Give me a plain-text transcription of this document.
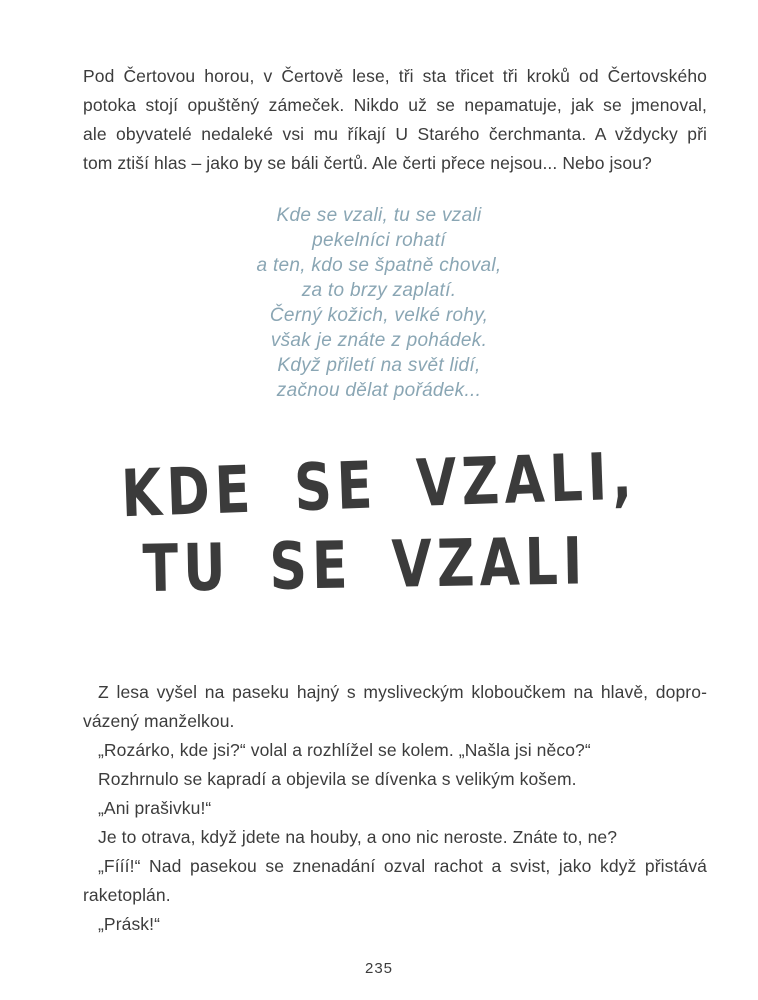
Pod Čertovou horou, v Čertově lese, tři sta třicet tři kroků od Čertovského
potoka stojí opuštěný zámeček. Nikdo už se nepamatuje, jak se jmenoval,
ale obyvatelé nedaleké vsi mu říkají U Starého čerchmanta. A vždycky při
tom ztiší hlas – jako by se báli čertů. Ale čerti přece nejsou... Nebo jsou?
Kde se vzali, tu se vzali
pekelníci rohatí
a ten, kdo se špatně choval,
za to brzy zaplatí.
Černý kožich, velké rohy,
však je znáte z pohádek.
Když přiletí na svět lidí,
začnou dělat pořádek...
KDE SE VZALI,
TU SE VZALI
Z lesa vyšel na paseku hajný s mysliveckým kloboučkem na hlavě, dopro-
vázený manželkou.
„Rozárko, kde jsi?“ volal a rozhlížel se kolem. „Našla jsi něco?“
Rozhrnulo se kapradí a objevila se dívenka s velikým košem.
„Ani prašivku!“
Je to otrava, když jdete na houby, a ono nic neroste. Znáte to, ne?
„Fííí!“ Nad pasekou se znenadání ozval rachot a svist, jako když přistává
raketoplán.
„Prásk!“
235
